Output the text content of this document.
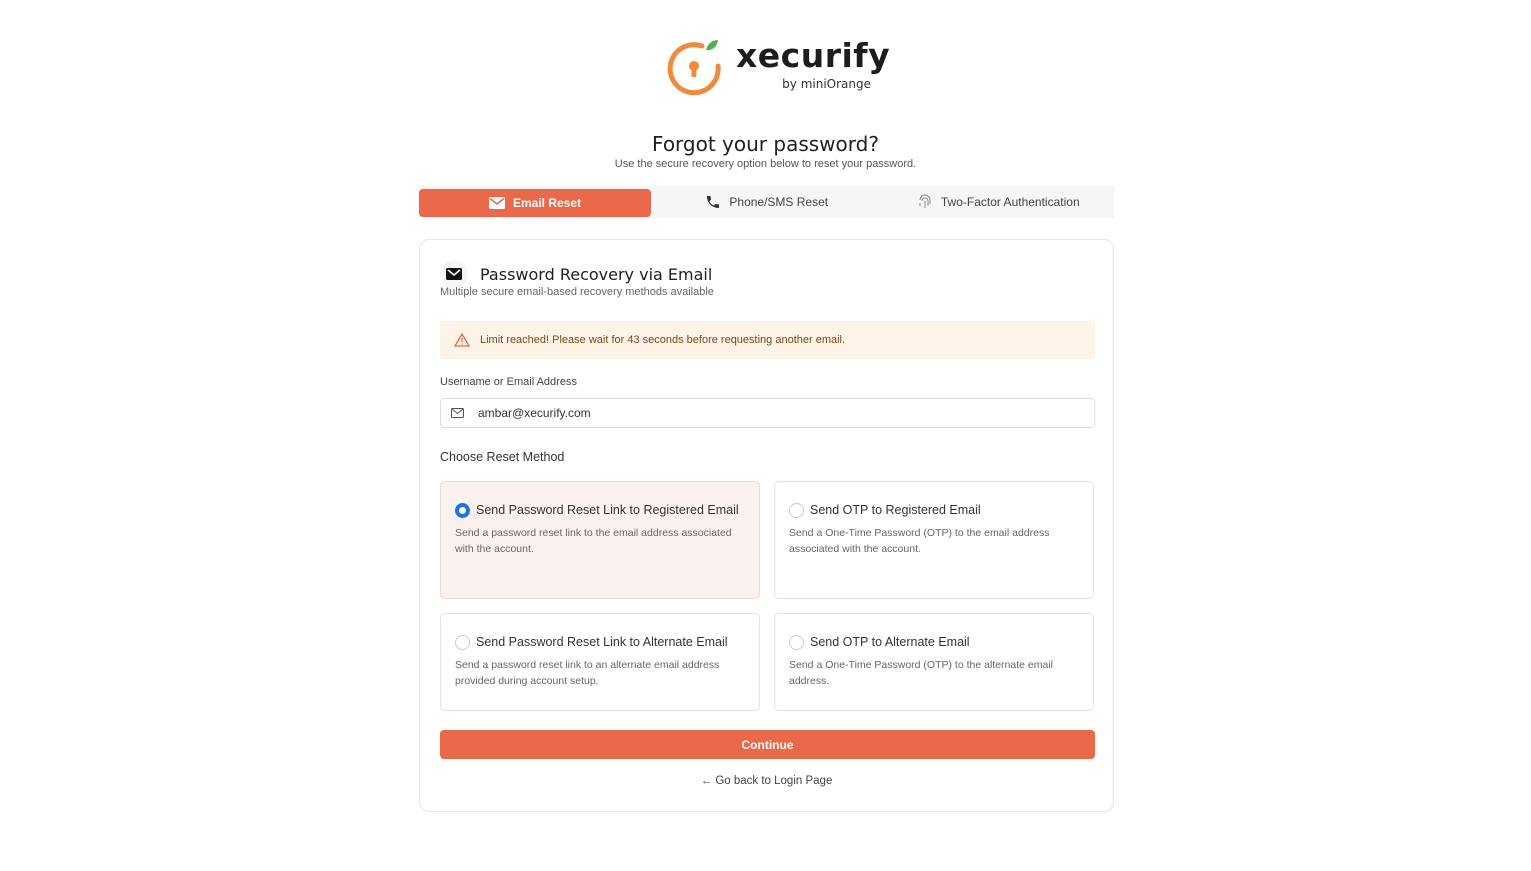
xecurify
by miniOrange
Forgot your password?
Use the secure recovery option below to reset your password.
Email Reset	Phone/SMS Reset	Two-Factor Authentication
Password Recovery via Email
Multiple secure email-based recovery methods available
Limit reached! Please wait for 43 seconds before requesting another email.
Username or Email Address
ambar@xecurify.com
Choose Reset Method
Send Password Reset Link to Registered Email
Send a password reset link to the email address associated with the account.
Send OTP to Registered Email
Send a One-Time Password (OTP) to the email address associated with the account.
Send Password Reset Link to Alternate Email
Send a password reset link to an alternate email address provided during account setup.
Send OTP to Alternate Email
Send a One-Time Password (OTP) to the alternate email address.
Continue
← Go back to Login Page
